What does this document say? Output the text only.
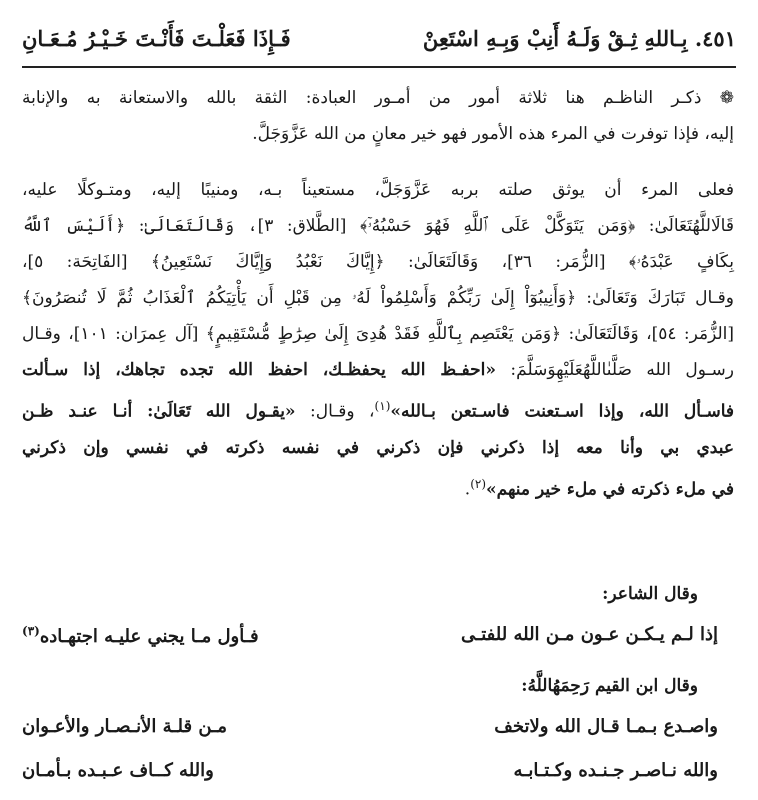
٤٥١. بِـاللهِ ثِـقْ وَلَـهُ أَنِبْ وَبِـهِ اسْتَعِنْ
فَـإِذَا فَعَلْـتَ فَأَنْـتَ خَـيْـرُ مُـعَـانِ
❁ ذكـر الناظـم هنا ثلاثة أمور من أمـور العبادة: الثقة بالله والاستعانة به والإنابة
إليه، فإذا توفرت في المرء هذه الأمور فهو خير معانٍ من الله عَزَّوَجَلَّ.
فعلى المرء أن يوثق صلته بربه عَزَّوَجَلَّ، مستعيناً بـه، ومنيبًا إليه، ومتـوكلًا عليه،
قَالَاللَّهُتَعَالَىٰ: ﴿وَمَن يَتَوَكَّلْ عَلَى ٱللَّهِ فَهُوَ حَسْبُهُۥٓ﴾ [الطَّلاق: ٣]، وَقَالَتَعَالَىٰ: ﴿أَلَيْسَ ٱللَّهُ
بِكَافٍ عَبْدَهُۥ﴾ [الزُّمَر: ٣٦]، وَقَالَتَعَالَىٰ: ﴿إِيَّاكَ نَعْبُدُ وَإِيَّاكَ نَسْتَعِينُ﴾ [الفَاتِحَة: ٥]،
وقـال تَبَارَكَ وَتَعَالَىٰ: ﴿وَأَنِيبُوٓاْ إِلَىٰ رَبِّكُمْ وَأَسْلِمُواْ لَهُۥ مِن قَبْلِ أَن يَأْتِيَكُمُ ٱلْعَذَابُ ثُمَّ لَا تُنصَرُونَ﴾
[الزُّمَر: ٥٤]، وَقَالَتَعَالَىٰ: ﴿وَمَن يَعْتَصِم بِٱللَّهِ فَقَدْ هُدِىَ إِلَىٰ صِرَٰطٍ مُّسْتَقِيمٍ﴾ [آل عِمرَان: ١٠١]، وقـال
رسـول الله صَلَّىٰاللَّهُعَلَيْهِوَسَلَّمَ: «احفـظ الله يحفظـك، احفظ الله تجده تجاهك، إذا سـألت
فاسـأل الله، وإذا اسـتعنت فاسـتعن بـالله»$^{(١)}$، وقـال: «يقـول الله تَعَالَىٰ: أنـا عنـد ظـن
عبدي بي وأنا معه إذا ذكرني فإن ذكرني في نفسه ذكرته في نفسي وإن ذكرني
في ملء ذكرته في ملء خير منهم»$^{(٢)}$.
وقال الشاعر:
إذا لـم يـكـن عـون مـن الله للفتـى
فـأول مـا يجني عليـه اجتهـاده$^{(٣)}$
وقال ابن القيم رَحِمَهُاللَّهُ:
واصـدع بـمـا قـال الله ولاتخف
مـن قلـة الأنـصـار والأعـوان
والله نـاصـر جـنـده وكـتـابـه
والله كــاف عـبـده بـأمـان
